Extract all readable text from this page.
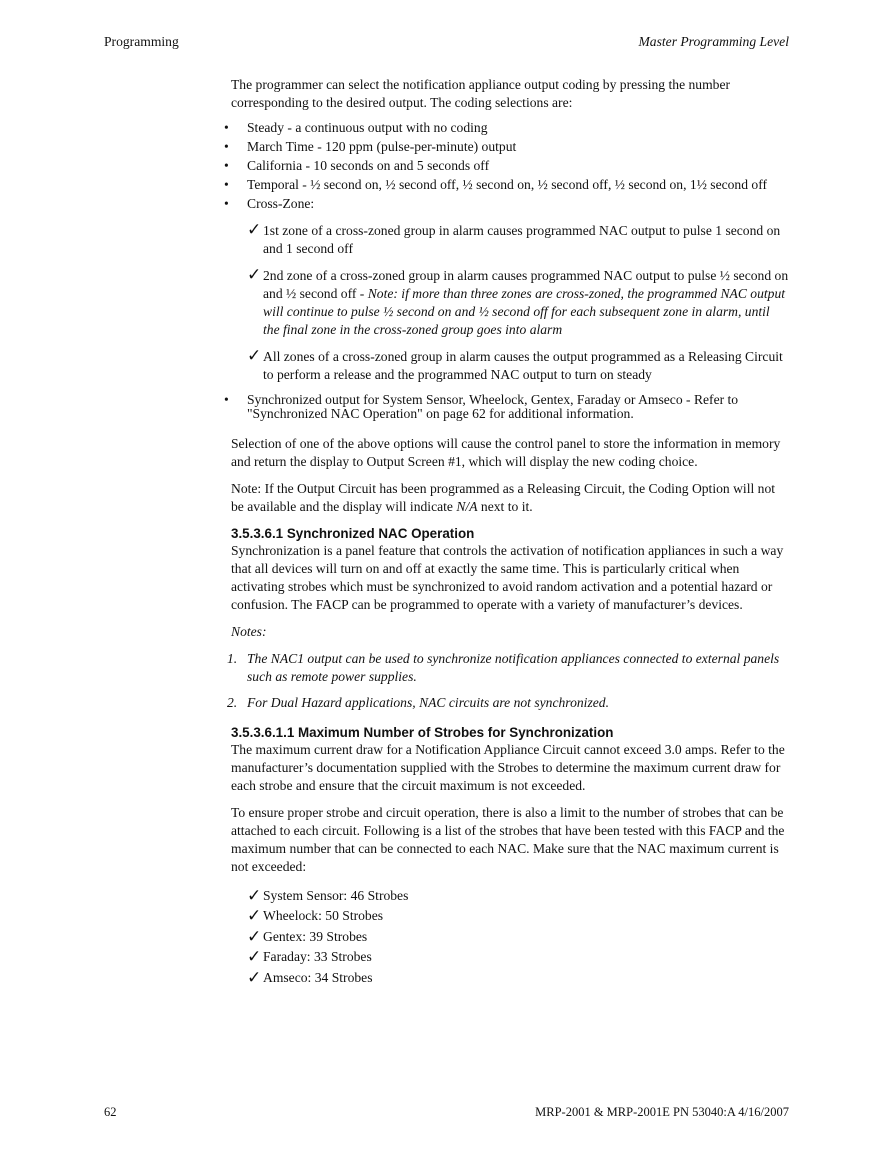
Programming	Master Programming Level

The programmer can select the notification appliance output coding by pressing the number corresponding to the desired output. The coding selections are:

• Steady - a continuous output with no coding
• March Time - 120 ppm (pulse-per-minute) output
• California - 10 seconds on and 5 seconds off
• Temporal - ½ second on, ½ second off, ½ second on, ½ second off, ½ second on, 1½ second off
• Cross-Zone:
✓ 1st zone of a cross-zoned group in alarm causes programmed NAC output to pulse 1 second on and 1 second off
✓ 2nd zone of a cross-zoned group in alarm causes programmed NAC output to pulse ½ second on and ½ second off - Note: if more than three zones are cross-zoned, the programmed NAC output will continue to pulse ½ second on and ½ second off for each subsequent zone in alarm, until the final zone in the cross-zoned group goes into alarm
✓ All zones of a cross-zoned group in alarm causes the output programmed as a Releasing Circuit to perform a release and the programmed NAC output to turn on steady
• Synchronized output for System Sensor, Wheelock, Gentex, Faraday or Amseco - Refer to "Synchronized NAC Operation" on page 62 for additional information.

Selection of one of the above options will cause the control panel to store the information in memory and return the display to Output Screen #1, which will display the new coding choice.

Note: If the Output Circuit has been programmed as a Releasing Circuit, the Coding Option will not be available and the display will indicate N/A next to it.

3.5.3.6.1 Synchronized NAC Operation

Synchronization is a panel feature that controls the activation of notification appliances in such a way that all devices will turn on and off at exactly the same time. This is particularly critical when activating strobes which must be synchronized to avoid random activation and a potential hazard or confusion. The FACP can be programmed to operate with a variety of manufacturer’s devices.

Notes:

1. The NAC1 output can be used to synchronize notification appliances connected to external panels such as remote power supplies.
2. For Dual Hazard applications, NAC circuits are not synchronized.
3.5.3.6.1.1 Maximum Number of Strobes for Synchronization

The maximum current draw for a Notification Appliance Circuit cannot exceed 3.0 amps. Refer to the manufacturer’s documentation supplied with the Strobes to determine the maximum current draw for each strobe and ensure that the circuit maximum is not exceeded.

To ensure proper strobe and circuit operation, there is also a limit to the number of strobes that can be attached to each circuit. Following is a list of the strobes that have been tested with this FACP and the maximum number that can be connected to each NAC. Make sure that the NAC maximum current is not exceeded:

✓ System Sensor: 46 Strobes
✓ Wheelock: 50 Strobes
✓ Gentex: 39 Strobes
✓ Faraday: 33 Strobes
✓ Amseco: 34 Strobes
62	MRP-2001 & MRP-2001E PN 53040:A 4/16/2007
